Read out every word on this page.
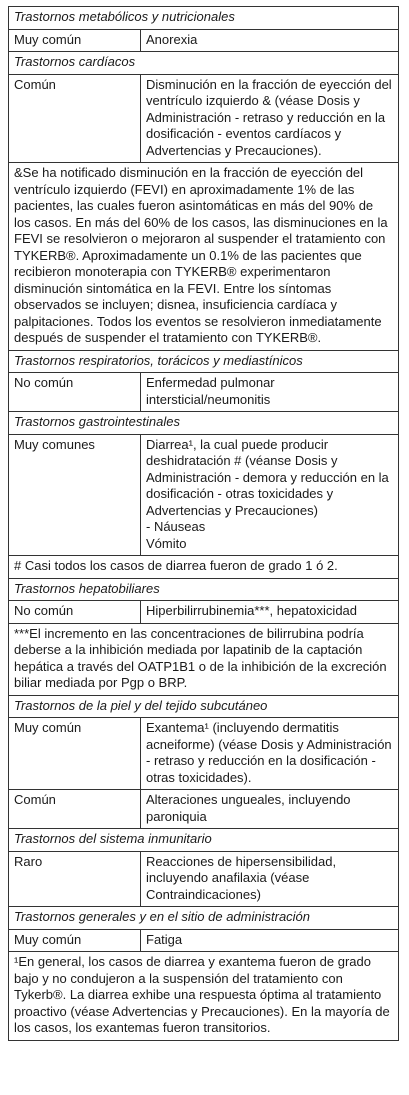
Trastornos metabólicos y nutricionales	
Muy común	Anorexia
Trastornos cardíacos	
Común	Disminución en la fracción de eyección del ventrículo izquierdo & (véase Dosis y Administración - retraso y reducción en la dosificación - eventos cardíacos y Advertencias y Precauciones).
&Se ha notificado disminución en la fracción de eyección del ventrículo izquierdo (FEVI) en aproximadamente 1% de las pacientes, las cuales fueron asintomáticas en más del 90% de los casos. En más del 60% de los casos, las disminuciones en la FEVI se resolvieron o mejoraron al suspender el tratamiento con TYKERB®. Aproximadamente un 0.1% de las pacientes que recibieron monoterapia con TYKERB® experimentaron disminución sintomática en la FEVI. Entre los síntomas observados se incluyen; disnea, insuficiencia cardíaca y palpitaciones. Todos los eventos se resolvieron inmediatamente después de suspender el tratamiento con TYKERB®.	
Trastornos respiratorios, torácicos y mediastínicos	
No común	Enfermedad pulmonar intersticial/neumonitis
Trastornos gastrointestinales	
Muy comunes	Diarrea¹, la cual puede producir deshidratación # (véanse Dosis y Administración - demora y reducción en la dosificación - otras toxicidades y Advertencias y Precauciones)
- Náuseas
Vómito

# Casi todos los casos de diarrea fueron de grado 1 ó 2.	
Trastornos hepatobiliares	
No común	Hiperbilirrubinemia***, hepatoxicidad
***El incremento en las concentraciones de bilirrubina podría deberse a la inhibición mediada por lapatinib de la captación hepática a través del OATP1B1 o de la inhibición de la excreción biliar mediada por Pgp o BRP.	
Trastornos de la piel y del tejido subcutáneo	
Muy común	Exantema¹ (incluyendo dermatitis acneiforme) (véase Dosis y Administración - retraso y reducción en la dosificación - otras toxicidades).
Común	Alteraciones ungueales, incluyendo paroniquia
Trastornos del sistema inmunitario	
Raro	Reacciones de hipersensibilidad, incluyendo anafilaxia (véase Contraindicaciones)
Trastornos generales y en el sitio de administración	
Muy común	Fatiga
¹En general, los casos de diarrea y exantema fueron de grado bajo y no condujeron a la suspensión del tratamiento con Tykerb®. La diarrea exhibe una respuesta óptima al tratamiento proactivo (véase Advertencias y Precauciones). En la mayoría de los casos, los exantemas fueron transitorios.	
